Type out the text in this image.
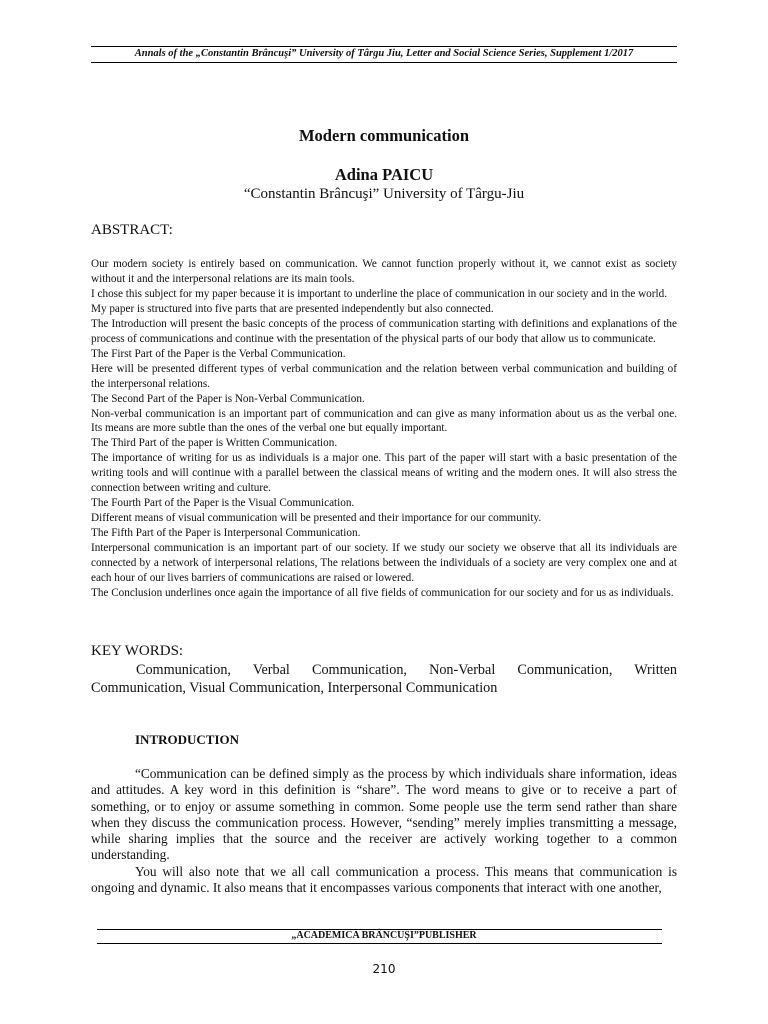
Annals of the „Constantin Brâncuşi” University of Târgu Jiu, Letter and Social Science Series, Supplement 1/2017
Modern communication
Adina PAICU
“Constantin Brâncuşi” University of Târgu-Jiu
ABSTRACT:

Our modern society is entirely based on communication. We cannot function properly without it, we cannot exist as society without it and the interpersonal relations are its main tools.

I chose this subject for my paper because it is important to underline the place of communication in our society and in the world.

My paper is structured into five parts that are presented independently but also connected.

The Introduction will present the basic concepts of the process of communication starting with definitions and explanations of the process of communications and continue with the presentation of the physical parts of our body that allow us to communicate.

The First Part of the Paper is the Verbal Communication.

Here will be presented different types of verbal communication and the relation between verbal communication and building of the interpersonal relations.

The Second Part of the Paper is Non-Verbal Communication.

Non-verbal communication is an important part of communication and can give as many information about us as the verbal one. Its means are more subtle than the ones of the verbal one but equally important.

The Third Part of the paper is Written Communication.

The importance of writing for us as individuals is a major one. This part of the paper will start with a basic presentation of the writing tools and will continue with a parallel between the classical means of writing and the modern ones. It will also stress the connection between writing and culture.

The Fourth Part of the Paper is the Visual Communication.

Different means of visual communication will be presented and their importance for our community.

The Fifth Part of the Paper is Interpersonal Communication.

Interpersonal communication is an important part of our society. If we study our society we observe that all its individuals are connected by a network of interpersonal relations, The relations between the individuals of a society are very complex one and at each hour of our lives barriers of communications are raised or lowered.

The Conclusion underlines once again the importance of all five fields of communication for our society and for us as individuals.

KEY WORDS:

Communication, Verbal Communication, Non-Verbal Communication, Written Communication, Visual Communication, Interpersonal Communication

INTRODUCTION

“Communication can be defined simply as the process by which individuals share information, ideas and attitudes. A key word in this definition is “share”. The word means to give or to receive a part of something, or to enjoy or assume something in common. Some people use the term send rather than share when they discuss the communication process. However, “sending” merely implies transmitting a message, while sharing implies that the source and the receiver are actively working together to a common understanding.

You will also note that we all call communication a process. This means that communication is ongoing and dynamic. It also means that it encompasses various components that interact with one another,

„ACADEMICA BRÂNCUŞI”PUBLISHER
210
